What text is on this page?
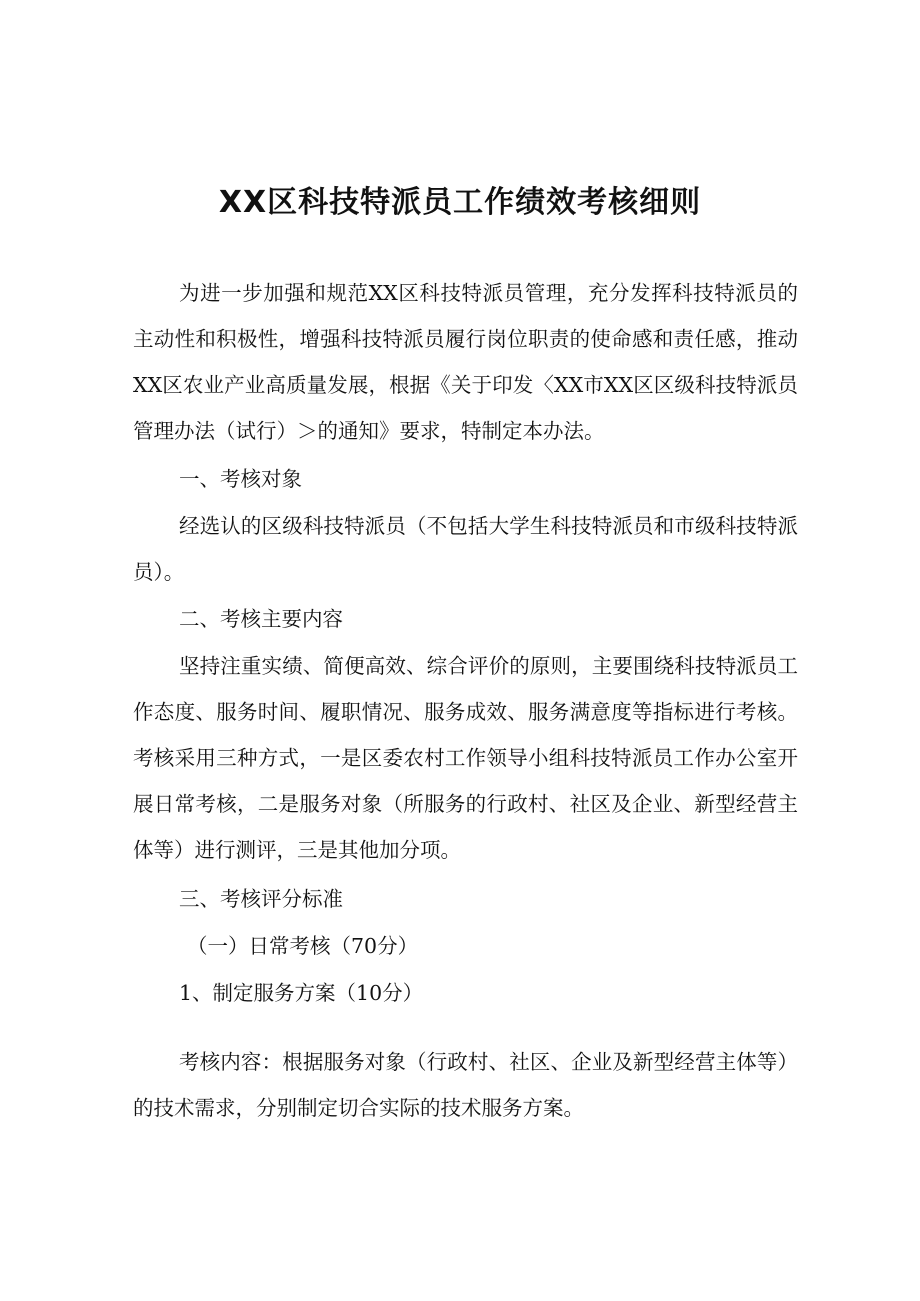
XX区科技特派员工作绩效考核细则

为进一步加强和规范XX区科技特派员管理，充分发挥科技特派员的主动性和积极性，增强科技特派员履行岗位职责的使命感和责任感，推动XX区农业产业高质量发展，根据《关于印发〈XX市XX区区级科技特派员管理办法（试行）＞的通知》要求，特制定本办法。

一、考核对象

经选认的区级科技特派员（不包括大学生科技特派员和市级科技特派员）。

二、考核主要内容

坚持注重实绩、简便高效、综合评价的原则，主要围绕科技特派员工作态度、服务时间、履职情况、服务成效、服务满意度等指标进行考核。考核采用三种方式，一是区委农村工作领导小组科技特派员工作办公室开展日常考核，二是服务对象（所服务的行政村、社区及企业、新型经营主体等）进行测评，三是其他加分项。

三、考核评分标准

（一）日常考核（70分）

1、制定服务方案（10分）

考核内容：根据服务对象（行政村、社区、企业及新型经营主体等）的技术需求，分别制定切合实际的技术服务方案。
